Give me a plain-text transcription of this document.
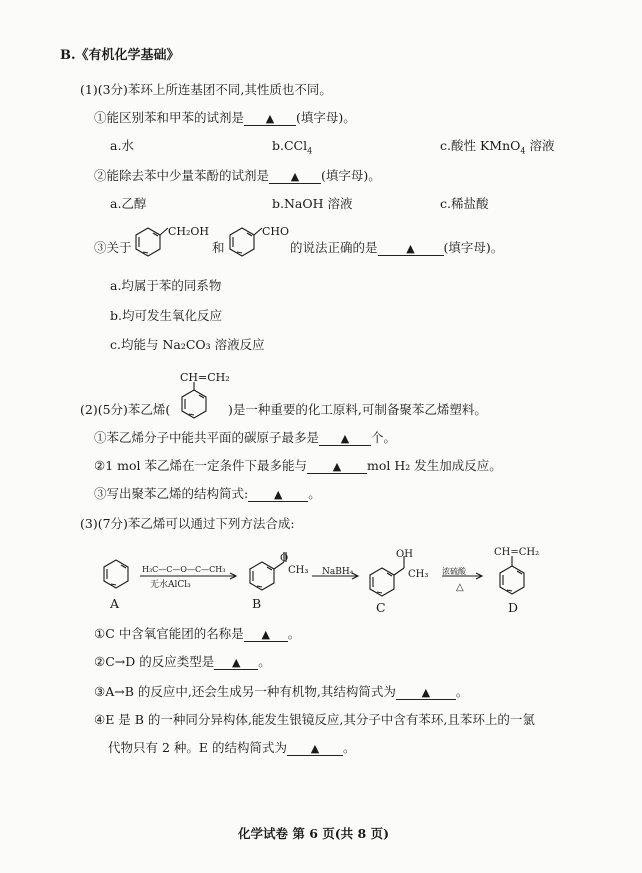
B.《有机化学基础》
(1)(3分)苯环上所连基团不同,其性质也不同。
①能区别苯和甲苯的试剂是 ▲ (填字母)。
a.水	b.CCl$_4$	c.酸性 KMnO$_4$ 溶液
②能除去苯中少量苯酚的试剂是 ▲ (填字母)。
a.乙醇	b.NaOH 溶液	c.稀盐酸
③关于
CH₂OH
和
CHO
的说法正确的是	▲ (填字母)。
a.均属于苯的同系物
b.均可发生氧化反应
c.均能与 Na₂CO₃ 溶液反应
CH=CH₂
(2)(5分)苯乙烯(	)是一种重要的化工原料,可制备聚苯乙烯塑料。
①苯乙烯分子中能共平面的碳原子最多是 ▲ 个。
②1 mol 苯乙烯在一定条件下最多能与 ▲ mol H₂ 发生加成反应。
③写出聚苯乙烯的结构简式: ▲ 。
(3)(7分)苯乙烯可以通过下列方法合成:
H₃C—C—O—C—CH₃
无水AlCl₃
O
CH₃ NaBH₄
OH
CH₃ 浓硫酸
△
CH=CH₂
A	B	C	D
①C 中含氧官能团的名称是 ▲ 。
②C→D 的反应类型是 ▲ 。
③A→B 的反应中,还会生成另一种有机物,其结构简式为 ▲ 。
④E 是 B 的一种同分异构体,能发生银镜反应,其分子中含有苯环,且苯环上的一氯
代物只有 2 种。E 的结构简式为 ▲ 。
化学试卷 第 6 页(共 8 页)
